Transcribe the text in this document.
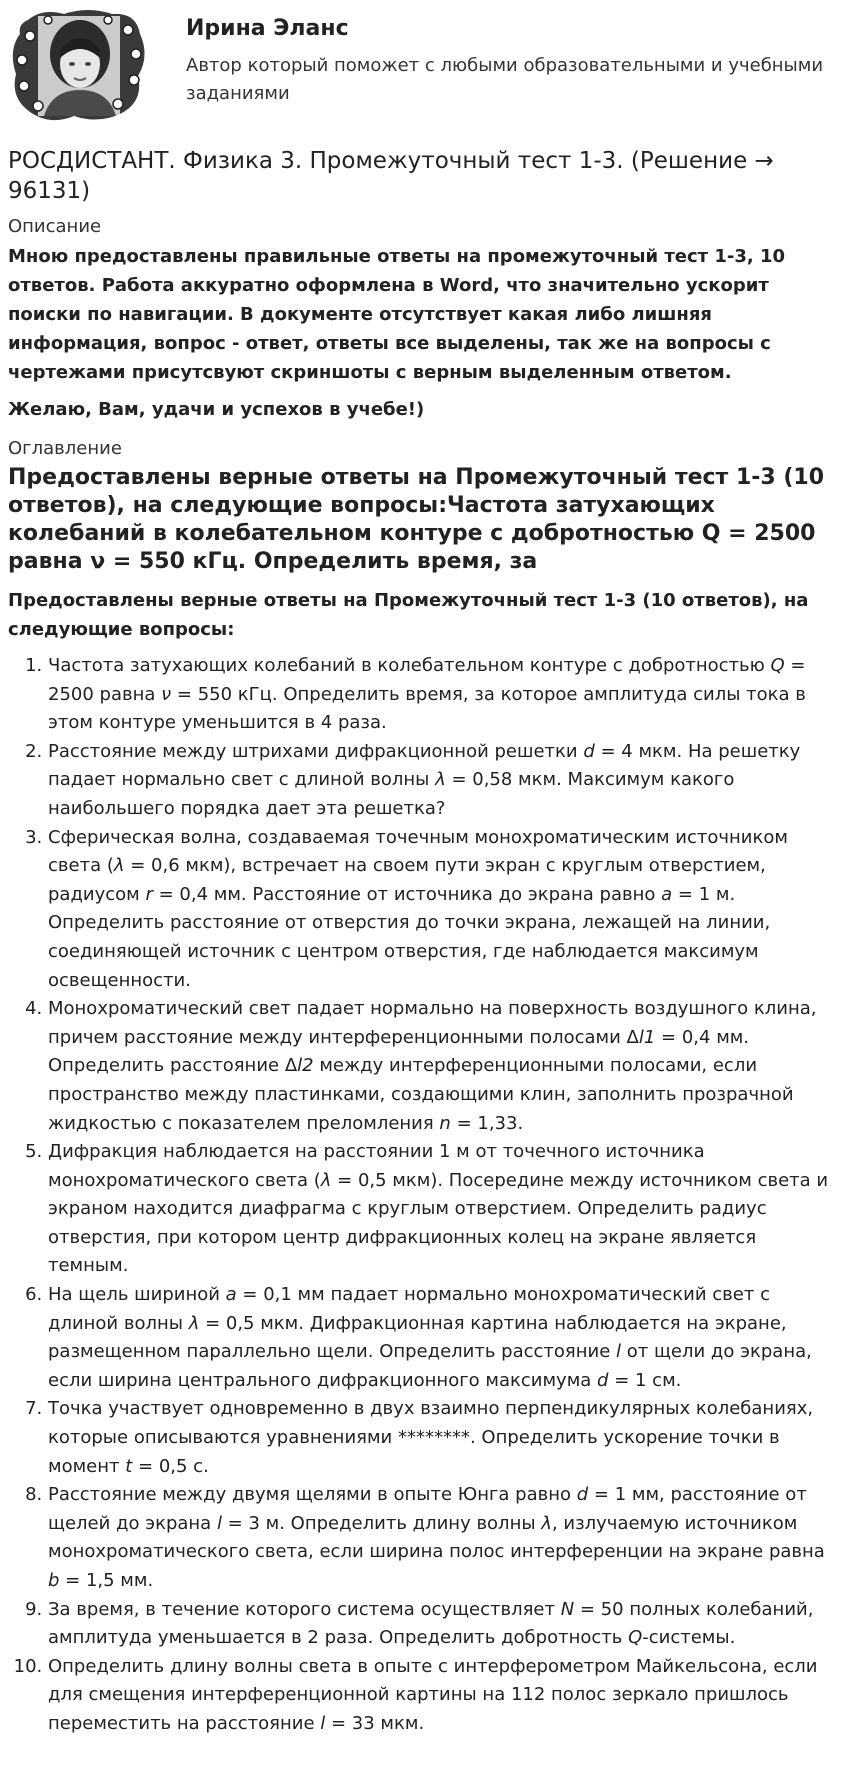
Ирина Эланс
Автор который поможет с любыми образовательными и учебными заданиями
РОСДИСТАНТ. Физика 3. Промежуточный тест 1-3. (Решение → 96131)
Описание

Мною предоставлены правильные ответы на промежуточный тест 1-3, 10 ответов. Работа аккуратно оформлена в Word, что значительно ускорит поиски по навигации. В документе отсутствует какая либо лишняя информация, вопрос - ответ, ответы все выделены, так же на вопросы с чертежами присутсвуют скриншоты с верным выделенным ответом.

Желаю, Вам, удачи и успехов в учебе!)

Оглавление
Предоставлены верные ответы на Промежуточный тест 1-3 (10 ответов), на следующие вопросы:Частота затухающих колебаний в колебательном контуре с добротностью Q = 2500 равна ν = 550 кГц. Определить время, за
Предоставлены верные ответы на Промежуточный тест 1-3 (10 ответов), на следующие вопросы:
1. Частота затухающих колебаний в колебательном контуре с добротностью Q = 2500 равна ν = 550 кГц. Определить время, за которое амплитуда силы тока в этом контуре уменьшится в 4 раза.
2. Расстояние между штрихами дифракционной решетки d = 4 мкм. На решетку падает нормально свет с длиной волны λ = 0,58 мкм. Максимум какого наибольшего порядка дает эта решетка?
3. Сферическая волна, создаваемая точечным монохроматическим источником света (λ = 0,6 мкм), встречает на своем пути экран с круглым отверстием, радиусом r = 0,4 мм. Расстояние от источника до экрана равно a = 1 м. Определить расстояние от отверстия до точки экрана, лежащей на линии, соединяющей источник с центром отверстия, где наблюдается максимум освещенности.
4. Монохроматический свет падает нормально на поверхность воздушного клина, причем расстояние между интерференционными полосами Δl1 = 0,4 мм. Определить расстояние Δl2 между интерференционными полосами, если пространство между пластинками, создающими клин, заполнить прозрачной жидкостью с показателем преломления n = 1,33.
5. Дифракция наблюдается на расстоянии 1 м от точечного источника монохроматического света (λ = 0,5 мкм). Посередине между источником света и экраном находится диафрагма с круглым отверстием. Определить радиус отверстия, при котором центр дифракционных колец на экране является темным.
6. На щель шириной a = 0,1 мм падает нормально монохроматический свет с длиной волны λ = 0,5 мкм. Дифракционная картина наблюдается на экране, размещенном параллельно щели. Определить расстояние l от щели до экрана, если ширина центрального дифракционного максимума d = 1 см.
7. Точка участвует одновременно в двух взаимно перпендикулярных колебаниях, которые описываются уравнениями ********. Определить ускорение точки в момент t = 0,5 с.
8. Расстояние между двумя щелями в опыте Юнга равно d = 1 мм, расстояние от щелей до экрана l = 3 м. Определить длину волны λ, излучаемую источником монохроматического света, если ширина полос интерференции на экране равна b = 1,5 мм.
9. За время, в течение которого система осуществляет N = 50 полных колебаний, амплитуда уменьшается в 2 раза. Определить добротность Q-системы.
10. Определить длину волны света в опыте с интерферометром Майкельсона, если для смещения интерференционной картины на 112 полос зеркало пришлось переместить на расстояние l = 33 мкм.
